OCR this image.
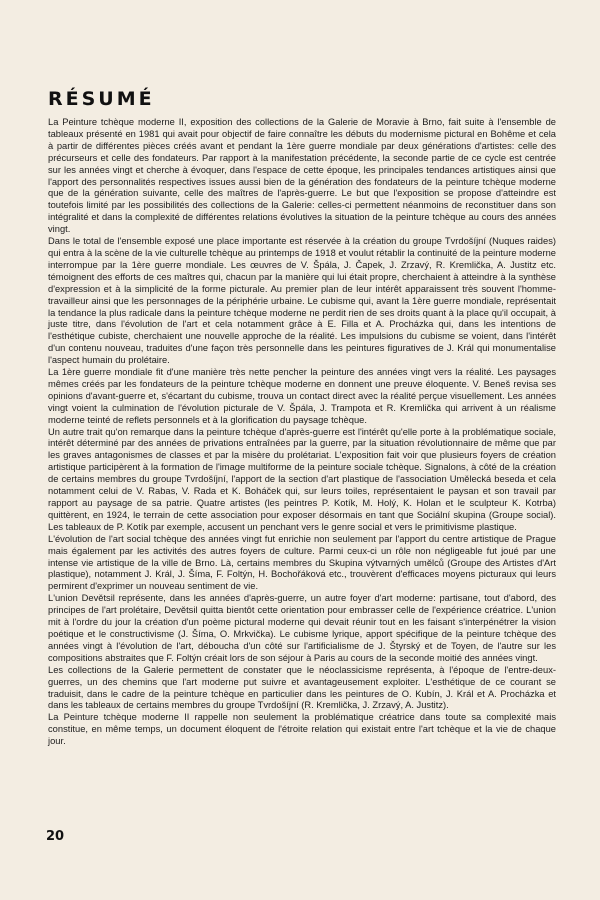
RÉSUMÉ

La Peinture tchèque moderne II, exposition des collections de la Galerie de Moravie à Brno, fait suite à l'ensemble de tableaux présenté en 1981 qui avait pour objectif de faire connaître les débuts du modernisme pictural en Bohême et cela à partir de différentes pièces créés avant et pendant la 1ère guerre mondiale par deux générations d'artistes: celle des précurseurs et celle des fondateurs. Par rapport à la manifestation précédente, la seconde partie de ce cycle est centrée sur les années vingt et cherche à évoquer, dans l'espace de cette époque, les principales tendances artistiques ainsi que l'apport des personnalités respectives issues aussi bien de la génération des fondateurs de la peinture tchèque moderne que de la génération suivante, celle des maîtres de l'après-guerre. Le but que l'exposition se propose d'atteindre est toutefois limité par les possibilités des collections de la Galerie: celles-ci permettent néanmoins de reconstituer dans son intégralité et dans la complexité de différentes relations évolutives la situation de la peinture tchèque au cours des années vingt.

Dans le total de l'ensemble exposé une place importante est réservée à la création du groupe Tvrdošíjní (Nuques raides) qui entra à la scène de la vie culturelle tchèque au printemps de 1918 et voulut rétablir la continuité de la peinture moderne interrompue par la 1ère guerre mondiale. Les œuvres de V. Špála, J. Čapek, J. Zrzavý, R. Kremlička, A. Justitz etc. témoignent des efforts de ces maîtres qui, chacun par la manière qui lui était propre, cherchaient à atteindre à la synthèse d'expression et à la simplicité de la forme picturale. Au premier plan de leur intérêt apparaissent très souvent l'homme-travailleur ainsi que les personnages de la périphérie urbaine. Le cubisme qui, avant la 1ère guerre mondiale, représentait la tendance la plus radicale dans la peinture tchèque moderne ne perdit rien de ses droits quant à la place qu'il occupait, à juste titre, dans l'évolution de l'art et cela notamment grâce à E. Filla et A. Procházka qui, dans les intentions de l'esthétique cubiste, cherchaient une nouvelle approche de la réalité. Les impulsions du cubisme se voient, dans l'intérêt d'un contenu nouveau, traduites d'une façon très personnelle dans les peintures figuratives de J. Král qui monumentalise l'aspect humain du prolétaire.

La 1ère guerre mondiale fit d'une manière très nette pencher la peinture des années vingt vers la réalité. Les paysages mêmes créés par les fondateurs de la peinture tchèque moderne en donnent une preuve éloquente. V. Beneš revisa ses opinions d'avant-guerre et, s'écartant du cubisme, trouva un contact direct avec la réalité perçue visuellement. Les années vingt voient la culmination de l'évolution picturale de V. Špála, J. Trampota et R. Kremlička qui arrivent à un réalisme moderne teinté de reflets personnels et à la glorification du paysage tchèque.

Un autre trait qu'on remarque dans la peinture tchèque d'après-guerre est l'intérêt qu'elle porte à la problématique sociale, intérêt déterminé par des années de privations entraînées par la guerre, par la situation révolutionnaire de même que par les graves antagonismes de classes et par la misère du prolétariat. L'exposition fait voir que plusieurs foyers de création artistique participèrent à la formation de l'image multiforme de la peinture sociale tchèque. Signalons, à côté de la création de certains membres du groupe Tvrdošíjní, l'apport de la section d'art plastique de l'association Umělecká beseda et cela notamment celui de V. Rabas, V. Rada et K. Boháček qui, sur leurs toiles, représentaient le paysan et son travail par rapport au paysage de sa patrie. Quatre artistes (les peintres P. Kotík, M. Holý, K. Holan et le sculpteur K. Kotrba) quittèrent, en 1924, le terrain de cette association pour exposer désormais en tant que Sociální skupina (Groupe social). Les tableaux de P. Kotík par exemple, accusent un penchant vers le genre social et vers le primitivisme plastique.

L'évolution de l'art social tchèque des années vingt fut enrichie non seulement par l'apport du centre artistique de Prague mais également par les activités des autres foyers de culture. Parmi ceux-ci un rôle non négligeable fut joué par une intense vie artistique de la ville de Brno. Là, certains membres du Skupina výtvarných umělců (Groupe des Artistes d'Art plastique), notamment J. Král, J. Šíma, F. Foltýn, H. Bochořáková etc., trouvèrent d'efficaces moyens picturaux qui leurs permirent d'exprimer un nouveau sentiment de vie.

L'union Devětsil représente, dans les années d'après-guerre, un autre foyer d'art moderne: partisane, tout d'abord, des principes de l'art prolétaire, Devětsil quitta bientôt cette orientation pour embrasser celle de l'expérience créatrice. L'union mit à l'ordre du jour la création d'un poème pictural moderne qui devait réunir tout en les faisant s'interpénétrer la vision poétique et le constructivisme (J. Šíma, O. Mrkvička). Le cubisme lyrique, apport spécifique de la peinture tchèque des années vingt à l'évolution de l'art, déboucha d'un côté sur l'artificialisme de J. Štyrský et de Toyen, de l'autre sur les compositions abstraites que F. Foltýn créait lors de son séjour à Paris au cours de la seconde moitié des années vingt.

Les collections de la Galerie permettent de constater que le néoclassicisme représenta, à l'époque de l'entre-deux-guerres, un des chemins que l'art moderne put suivre et avantageusement exploiter. L'esthétique de ce courant se traduisit, dans le cadre de la peinture tchèque en particulier dans les peintures de O. Kubín, J. Král et A. Procházka et dans les tableaux de certains membres du groupe Tvrdošíjní (R. Kremlička, J. Zrzavý, A. Justitz).

La Peinture tchèque moderne II rappelle non seulement la problématique créatrice dans toute sa complexité mais constitue, en même temps, un document éloquent de l'étroite relation qui existait entre l'art tchèque et la vie de chaque jour.

20
